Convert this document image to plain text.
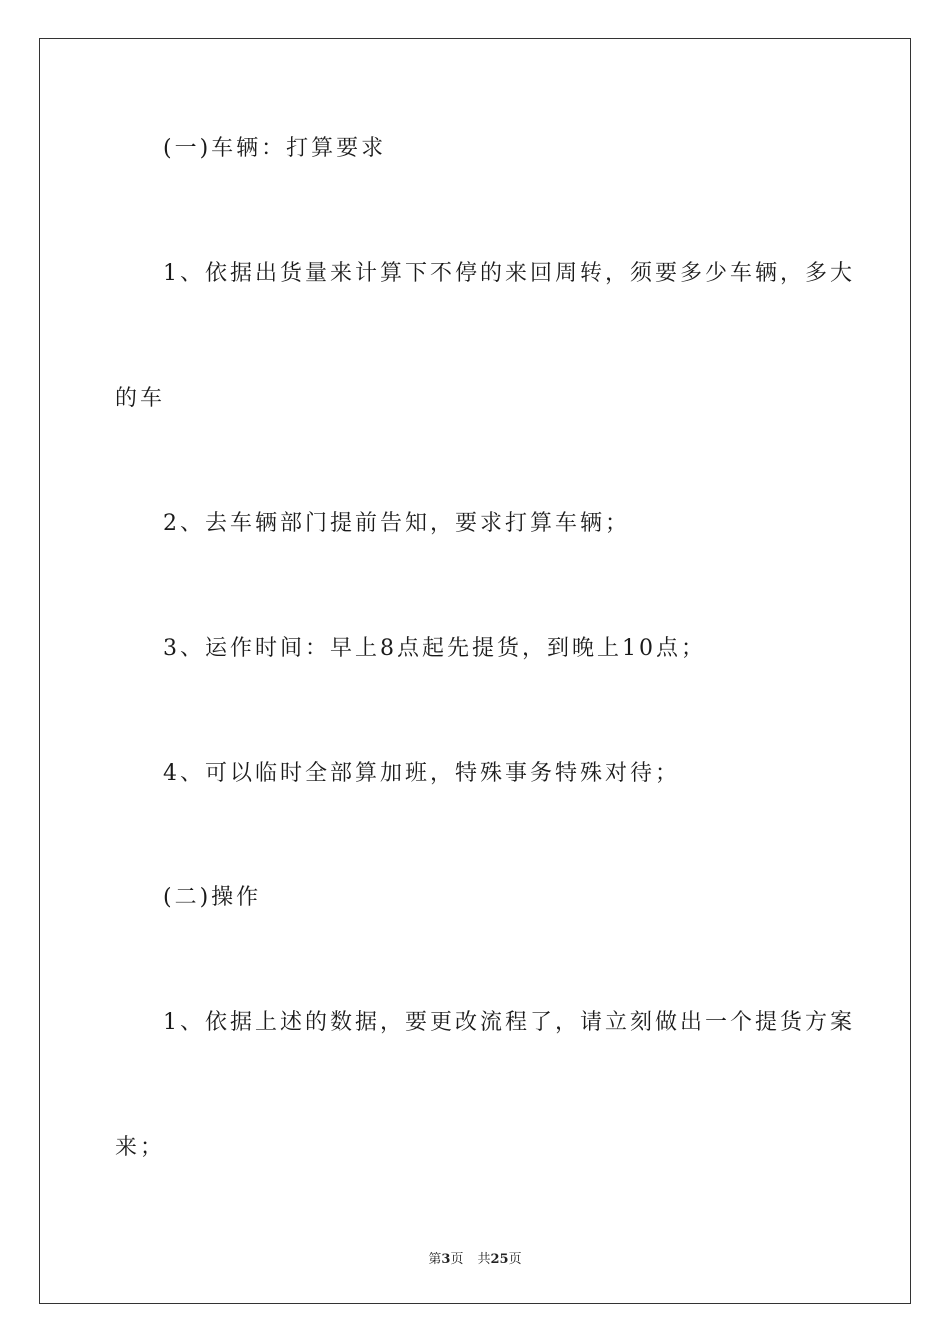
(一)车辆：打算要求

1、依据出货量来计算下不停的来回周转，须要多少车辆，多大

的车

2、去车辆部门提前告知，要求打算车辆；

3、运作时间：早上8点起先提货，到晚上10点；

4、可以临时全部算加班，特殊事务特殊对待；

(二)操作

1、依据上述的数据，要更改流程了，请立刻做出一个提货方案

来；

第3页 共25页
